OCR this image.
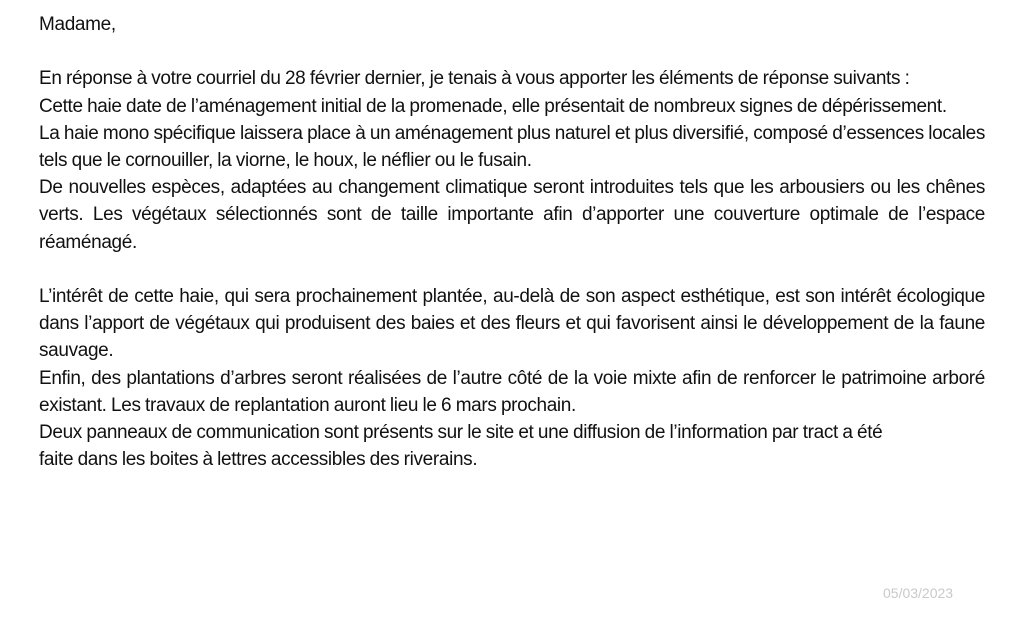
Madame,

En réponse à votre courriel du 28 février dernier, je tenais à vous apporter les éléments de réponse suivants :

Cette haie date de l’aménagement initial de la promenade, elle présentait de nombreux signes de dépérissement.

La haie mono spécifique laissera place à un aménagement plus naturel et plus diversifié, composé d’essences locales tels que le cornouiller, la viorne, le houx, le néflier ou le fusain.

De nouvelles espèces, adaptées au changement climatique seront introduites tels que les arbousiers ou les chênes verts. Les végétaux sélectionnés sont de taille importante afin d’apporter une couverture optimale de l’espace réaménagé.

L’intérêt de cette haie, qui sera prochainement plantée, au-delà de son aspect esthétique, est son intérêt écologique dans l’apport de végétaux qui produisent des baies et des fleurs et qui favorisent ainsi le développement de la faune sauvage.

Enfin, des plantations d’arbres seront réalisées de l’autre côté de la voie mixte afin de renforcer le patrimoine arboré existant. Les travaux de replantation auront lieu le 6 mars prochain.

Deux panneaux de communication sont présents sur le site et une diffusion de l’information par tract a été

faite dans les boites à lettres accessibles des riverains.

05/03/2023
